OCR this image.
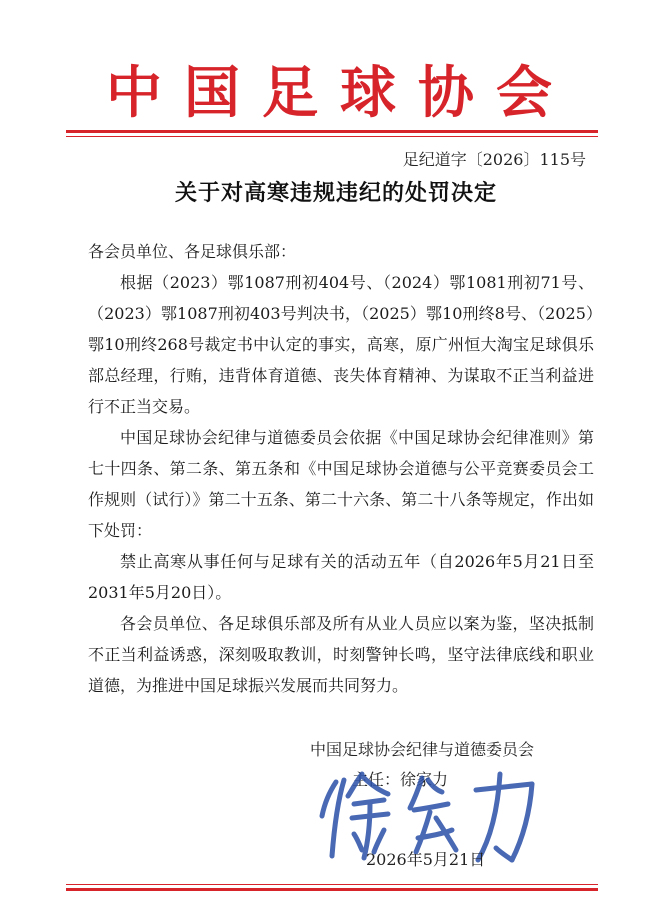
中国足球协会
足纪道字〔2026〕115号
关于对高寒违规违纪的处罚决定

各会员单位、各足球俱乐部：

根据（2023）鄂1087刑初404号、（2024）鄂1081刑初71号、（2023）鄂1087刑初403号判决书，（2025）鄂10刑终8号、（2025）鄂10刑终268号裁定书中认定的事实，高寒，原广州恒大淘宝足球俱乐部总经理，行贿，违背体育道德、丧失体育精神、为谋取不正当利益进行不正当交易。

中国足球协会纪律与道德委员会依据《中国足球协会纪律准则》第七十四条、第二条、第五条和《中国足球协会道德与公平竞赛委员会工作规则（试行）》第二十五条、第二十六条、第二十八条等规定，作出如下处罚：

禁止高寒从事任何与足球有关的活动五年（自2026年5月21日至2031年5月20日）。

各会员单位、各足球俱乐部及所有从业人员应以案为鉴，坚决抵制不正当利益诱惑，深刻吸取教训，时刻警钟长鸣，坚守法律底线和职业道德，为推进中国足球振兴发展而共同努力。

中国足球协会纪律与道德委员会
主任：徐家力
2026年5月21日
